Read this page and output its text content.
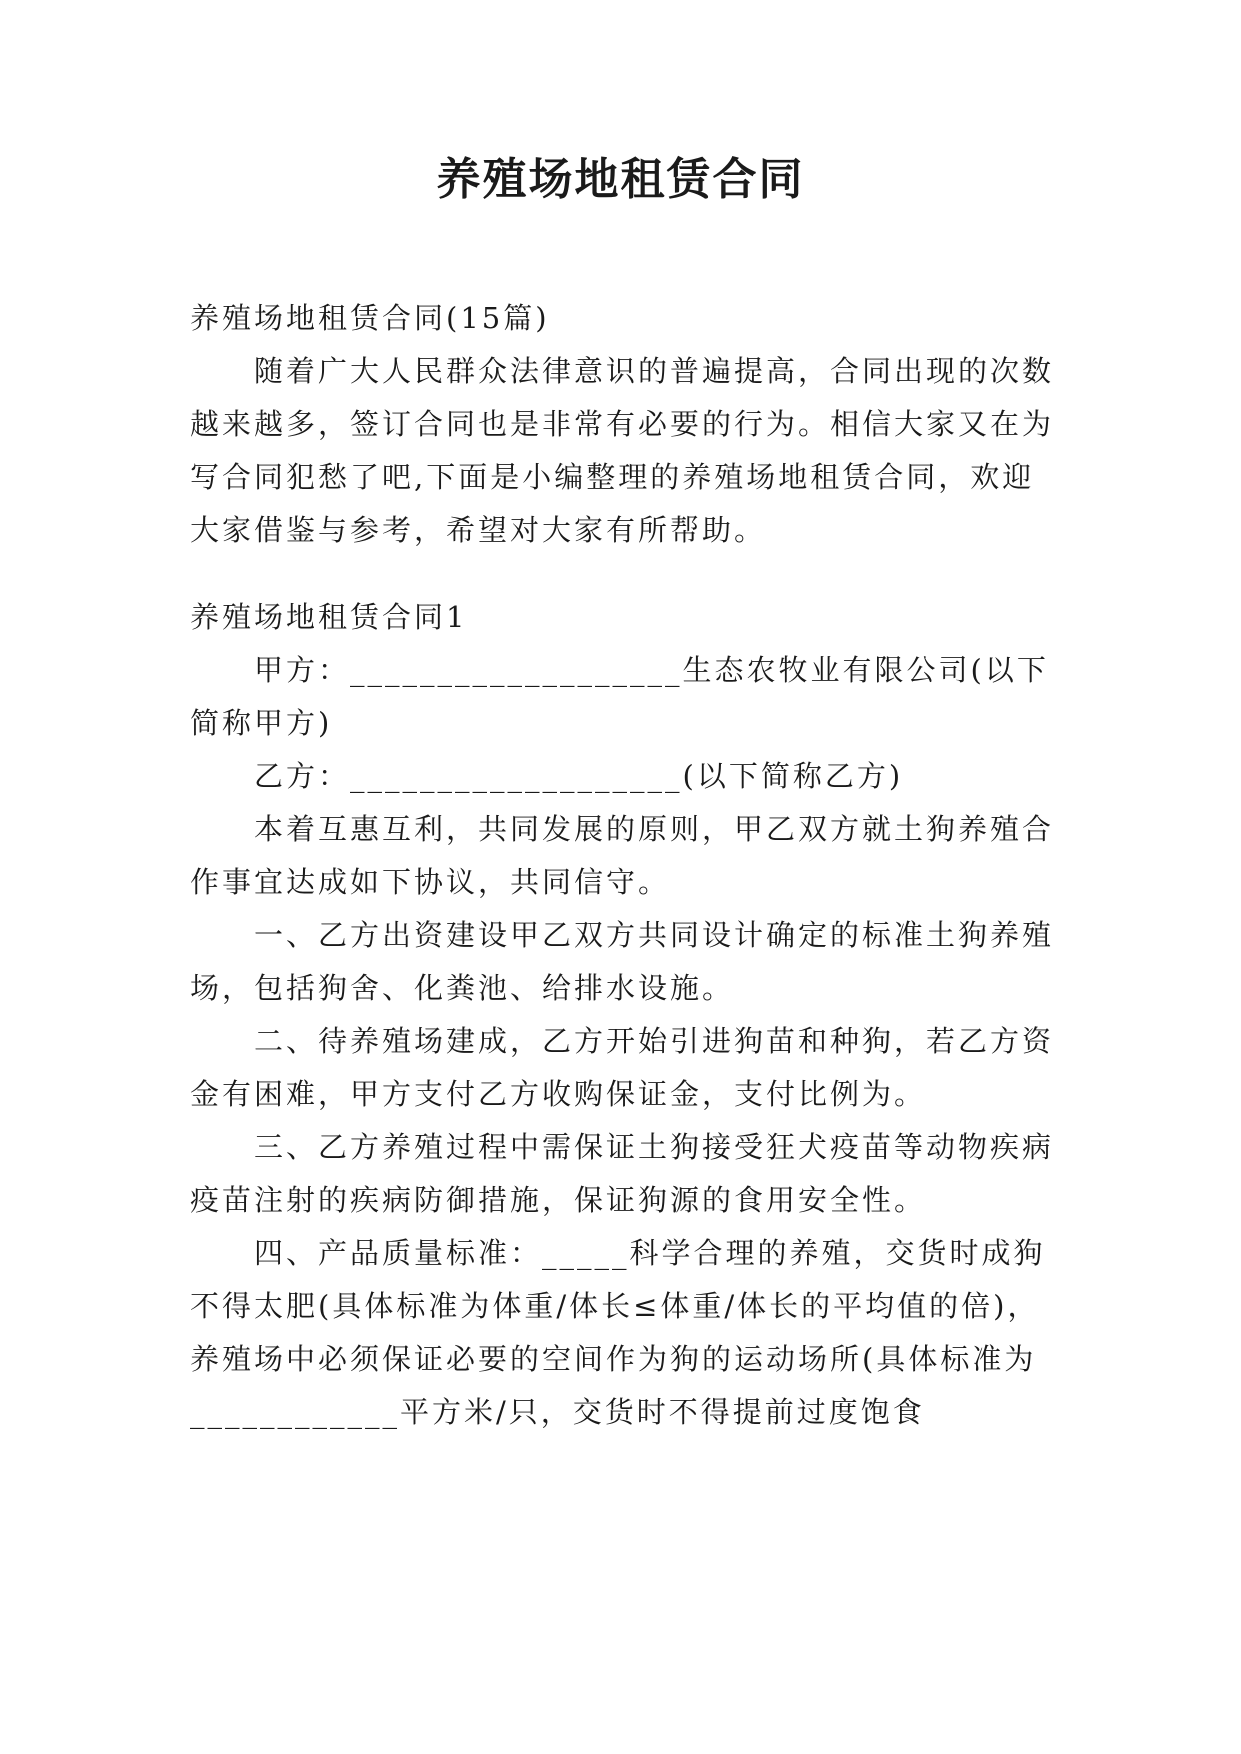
养殖场地租赁合同

养殖场地租赁合同(15篇)

随着广大人民群众法律意识的普遍提高，合同出现的次数越来越多，签订合同也是非常有必要的行为。相信大家又在为写合同犯愁了吧,下面是小编整理的养殖场地租赁合同，欢迎大家借鉴与参考，希望对大家有所帮助。

养殖场地租赁合同1

甲方：___________________生态农牧业有限公司(以下简称甲方)

乙方：___________________(以下简称乙方)

本着互惠互利，共同发展的原则，甲乙双方就土狗养殖合作事宜达成如下协议，共同信守。

一、乙方出资建设甲乙双方共同设计确定的标准土狗养殖场，包括狗舍、化粪池、给排水设施。

二、待养殖场建成，乙方开始引进狗苗和种狗，若乙方资金有困难，甲方支付乙方收购保证金，支付比例为。

三、乙方养殖过程中需保证土狗接受狂犬疫苗等动物疾病疫苗注射的疾病防御措施，保证狗源的食用安全性。

四、产品质量标准：_____科学合理的养殖，交货时成狗不得太肥(具体标准为体重/体长≤体重/体长的平均值的倍)，养殖场中必须保证必要的空间作为狗的运动场所(具体标准为____________平方米/只，交货时不得提前过度饱食
